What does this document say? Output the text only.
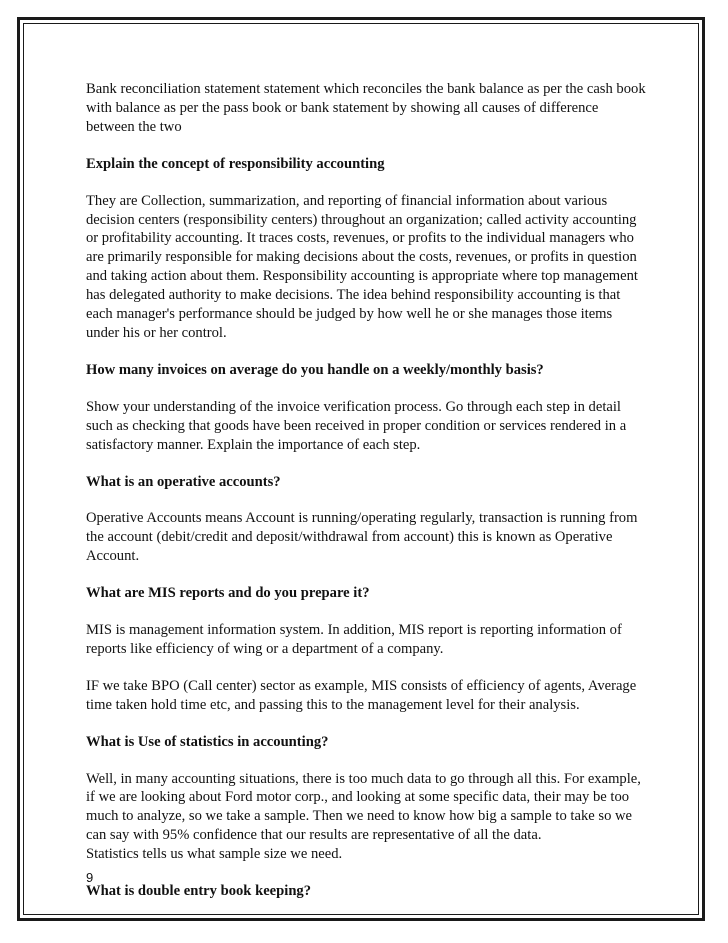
Bank reconciliation statement statement which reconciles the bank balance as per the cash book with balance as per the pass book or bank statement by showing all causes of difference between the two

Explain the concept of responsibility accounting

They are Collection, summarization, and reporting of financial information about various decision centers (responsibility centers) throughout an organization; called activity accounting or profitability accounting. It traces costs, revenues, or profits to the individual managers who are primarily responsible for making decisions about the costs, revenues, or profits in question and taking action about them. Responsibility accounting is appropriate where top management has delegated authority to make decisions. The idea behind responsibility accounting is that each manager's performance should be judged by how well he or she manages those items under his or her control.

How many invoices on average do you handle on a weekly/monthly basis?

Show your understanding of the invoice verification process. Go through each step in detail such as checking that goods have been received in proper condition or services rendered in a satisfactory manner. Explain the importance of each step.

What is an operative accounts?

Operative Accounts means Account is running/operating regularly, transaction is running from the account (debit/credit and deposit/withdrawal from account) this is known as Operative Account.

What are MIS reports and do you prepare it?

MIS is management information system. In addition, MIS report is reporting information of reports like efficiency of wing or a department of a company.

IF we take BPO (Call center) sector as example, MIS consists of efficiency of agents, Average time taken hold time etc, and passing this to the management level for their analysis.

What is Use of statistics in accounting?

Well, in many accounting situations, there is too much data to go through all this. For example, if we are looking about Ford motor corp., and looking at some specific data, their may be too much to analyze, so we take a sample. Then we need to know how big a sample to take so we can say with 95% confidence that our results are representative of all the data.

Statistics tells us what sample size we need.

What is double entry book keeping?

9
